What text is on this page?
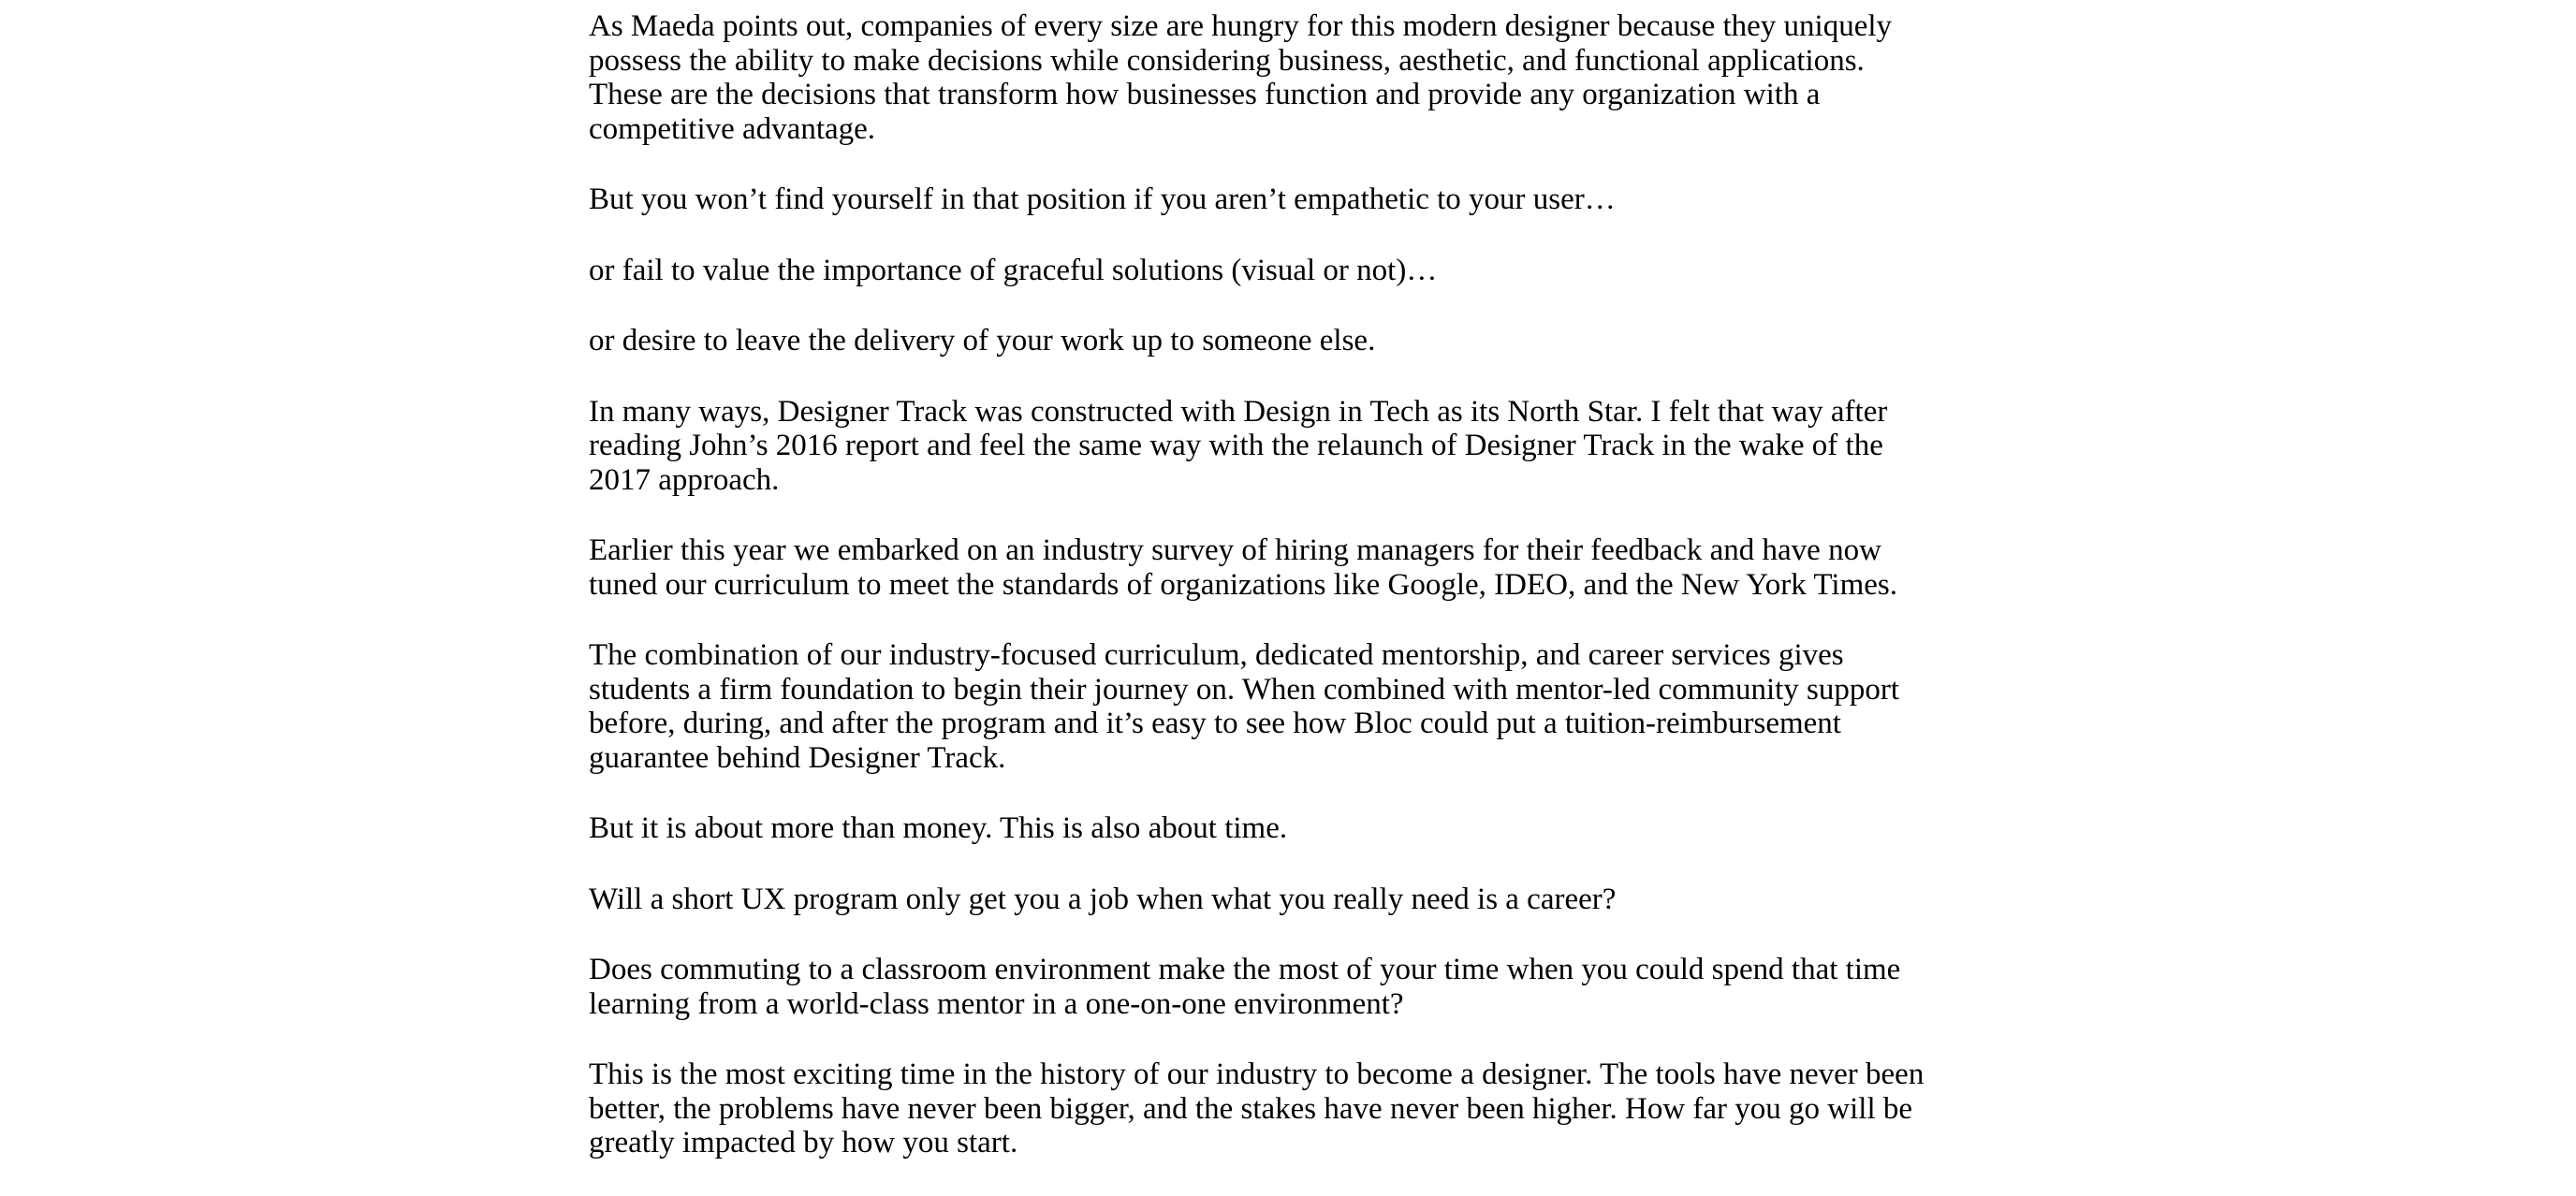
As Maeda points out, companies of every size are hungry for this modern designer because they uniquely possess the ability to make decisions while considering business, aesthetic, and functional applications. These are the decisions that transform how businesses function and provide any organization with a competitive advantage.

But you won’t find yourself in that position if you aren’t empathetic to your user…

or fail to value the importance of graceful solutions (visual or not)…

or desire to leave the delivery of your work up to someone else.

In many ways, Designer Track was constructed with Design in Tech as its North Star. I felt that way after reading John’s 2016 report and feel the same way with the relaunch of Designer Track in the wake of the 2017 approach.

Earlier this year we embarked on an industry survey of hiring managers for their feedback and have now tuned our curriculum to meet the standards of organizations like Google, IDEO, and the New York Times.

The combination of our industry-focused curriculum, dedicated mentorship, and career services gives students a firm foundation to begin their journey on. When combined with mentor-led community support before, during, and after the program and it’s easy to see how Bloc could put a tuition-reimbursement guarantee behind Designer Track.

But it is about more than money. This is also about time.

Will a short UX program only get you a job when what you really need is a career?

Does commuting to a classroom environment make the most of your time when you could spend that time learning from a world-class mentor in a one-on-one environment?

This is the most exciting time in the history of our industry to become a designer. The tools have never been better, the problems have never been bigger, and the stakes have never been higher. How far you go will be greatly impacted by how you start.
